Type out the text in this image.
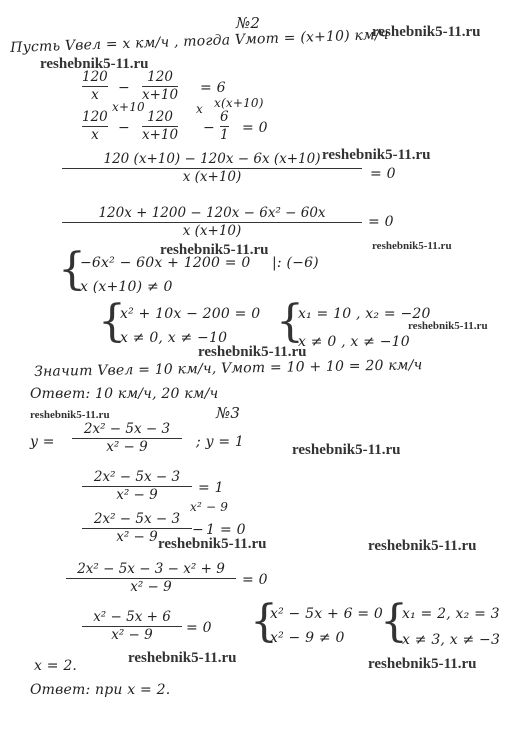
№2	reshebnik5-11.ru
Пусть Vвел = x км/ч , тогда Vмот = (x+10) км/ч
reshebnik5-11.ru
120
x −
120
x+10 = 6
x+10
120
x −
x
120
x+10 −
x(x+10)
6
1 = 0
reshebnik5-11.ru
120 (x+10) − 120x − 6x (x+10)
x (x+10)	= 0
120x + 1200 − 120x − 6x² − 60x
x (x+10)
= 0
reshebnik5-11.ru	reshebnik5-11.ru
{
−6x² − 60x + 1200 = 0 |: (−6)
x (x+10) ≠ 0
{
x² + 10x − 200 = 0
x ≠ 0, x ≠ −10 {
x₁ = 10 , x₂ = −20
reshebnik5-11.ru
x ≠ 0 , x ≠ −10
reshebnik5-11.ru
Значит Vвел = 10 км/ч, Vмот = 10 + 10 = 20 км/ч
Ответ: 10 км/ч, 20 км/ч
reshebnik5-11.ru	№3
y =
2x² − 5x − 3
x² − 9	; y = 1	reshebnik5-11.ru
2x² − 5x − 3
x² − 9	= 1
2x² − 5x − 3
x² − 9 −
x² − 9
1 = 0
reshebnik5-11.ru	reshebnik5-11.ru
2x² − 5x − 3 − x² + 9
x² − 9	= 0
x² − 5x + 6
x² − 9 = 0 {
x² − 5x + 6 = 0
x² − 9 ≠ 0 {
x₁ = 2, x₂ = 3
x ≠ 3, x ≠ −3
x = 2.	reshebnik5-11.ru	reshebnik5-11.ru
Ответ: при x = 2.
